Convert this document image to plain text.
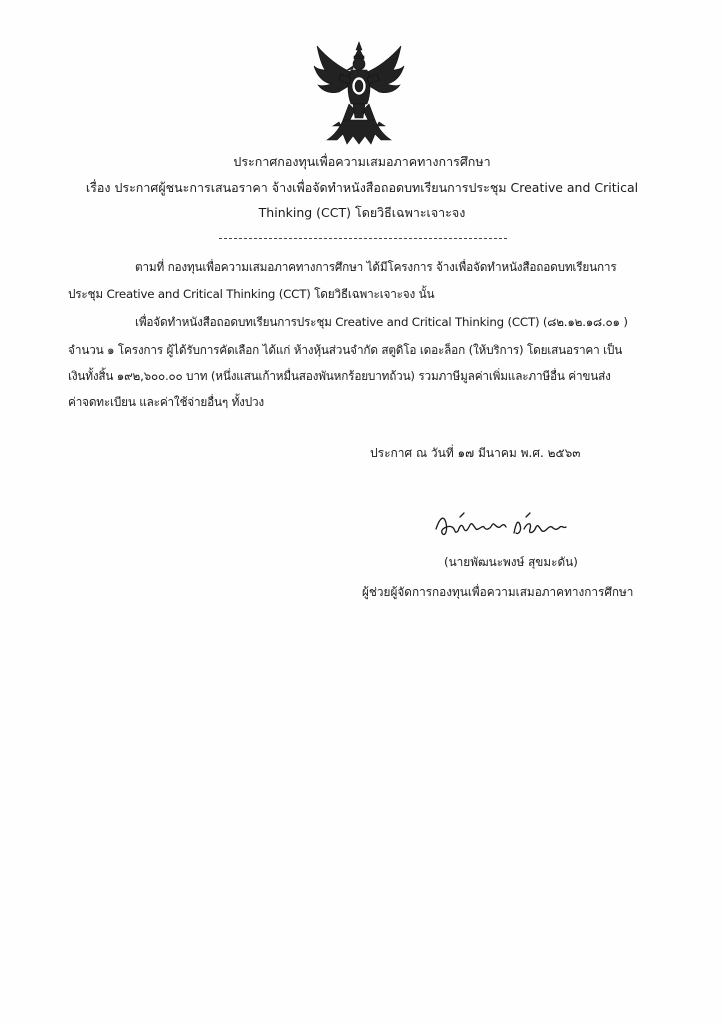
ประกาศกองทุนเพื่อความเสมอภาคทางการศึกษา
เรื่อง ประกาศผู้ชนะการเสนอราคา จ้างเพื่อจัดทำหนังสือถอดบทเรียนการประชุม Creative and Critical
Thinking (CCT) โดยวิธีเฉพาะเจาะจง
ตามที่ กองทุนเพื่อความเสมอภาคทางการศึกษา ได้มีโครงการ จ้างเพื่อจัดทำหนังสือถอดบทเรียนการ
ประชุม Creative and Critical Thinking (CCT) โดยวิธีเฉพาะเจาะจง นั้น
เพื่อจัดทำหนังสือถอดบทเรียนการประชุม Creative and Critical Thinking (CCT) (๘๒.๑๒.๑๘.๐๑ )
จำนวน ๑ โครงการ ผู้ได้รับการคัดเลือก ได้แก่ ห้างหุ้นส่วนจำกัด สตูดิโอ เดอะล็อก (ให้บริการ) โดยเสนอราคา เป็น
เงินทั้งสิ้น ๑๙๒,๖๐๐.๐๐ บาท (หนึ่งแสนเก้าหมื่นสองพันหกร้อยบาทถ้วน) รวมภาษีมูลค่าเพิ่มและภาษีอื่น ค่าขนส่ง
ค่าจดทะเบียน และค่าใช้จ่ายอื่นๆ ทั้งปวง
ประกาศ ณ วันที่ ๑๗ มีนาคม พ.ศ. ๒๕๖๓
(นายพัฒนะพงษ์ สุขมะดัน)
ผู้ช่วยผู้จัดการกองทุนเพื่อความเสมอภาคทางการศึกษา
